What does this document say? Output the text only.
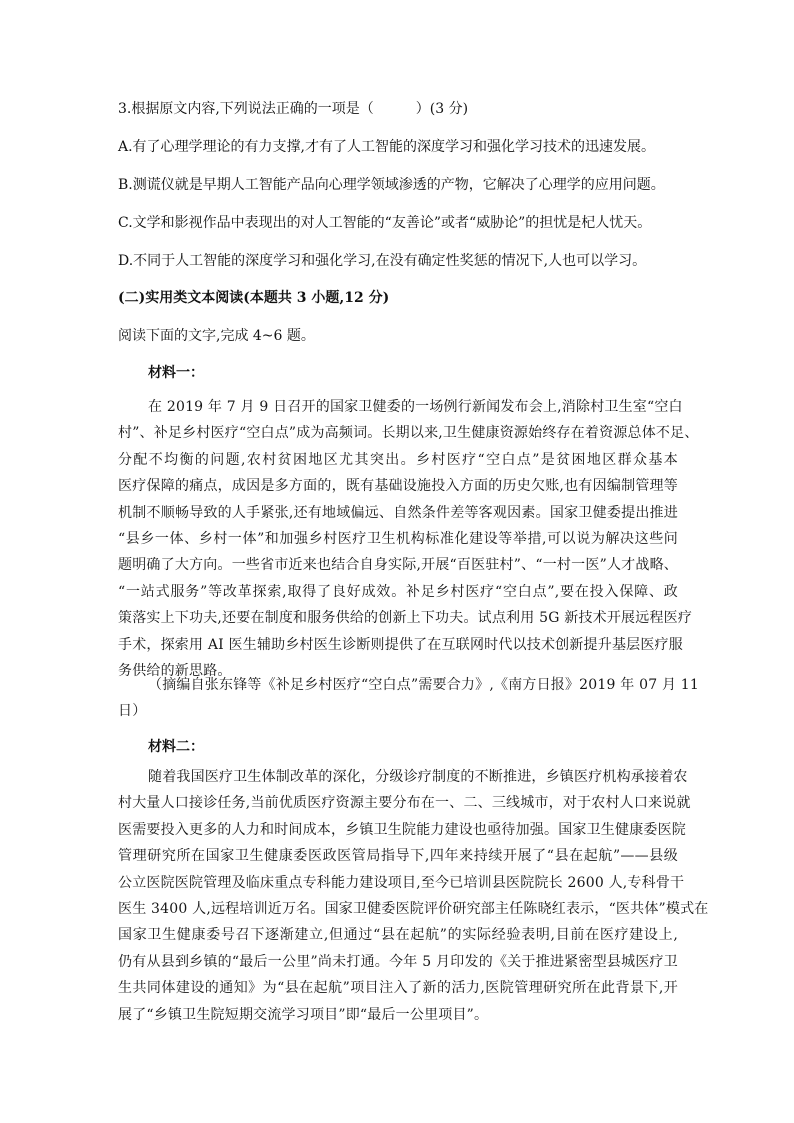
3.根据原文内容,下列说法正确的一项是（　　　）(3 分)
A.有了心理学理论的有力支撑,才有了人工智能的深度学习和强化学习技术的迅速发展。
B.测谎仪就是早期人工智能产品向心理学领域渗透的产物，它解决了心理学的应用问题。
C.文学和影视作品中表现出的对人工智能的“友善论”或者“威胁论”的担忧是杞人忧天。
D.不同于人工智能的深度学习和强化学习,在没有确定性奖惩的情况下,人也可以学习。
(二)实用类文本阅读(本题共 3 小题,12 分)
阅读下面的文字,完成 4~6 题。
材料一：
在 2019 年 7 月 9 日召开的国家卫健委的一场例行新闻发布会上,消除村卫生室“空白
村”、补足乡村医疗“空白点”成为高频词。长期以来,卫生健康资源始终存在着资源总体不足、
分配不均衡的问题,农村贫困地区尤其突出。乡村医疗“空白点”是贫困地区群众基本
医疗保障的痛点，成因是多方面的，既有基础设施投入方面的历史欠账,也有因编制管理等
机制不顺畅导致的人手紧张,还有地域偏远、自然条件差等客观因素。国家卫健委提出推进
“县乡一体、乡村一体”和加强乡村医疗卫生机构标准化建设等举措,可以说为解决这些问
题明确了大方向。一些省市近来也结合自身实际,开展“百医驻村”、“一村一医”人才战略、
“一站式服务”等改革探索,取得了良好成效。补足乡村医疗“空白点”,要在投入保障、政
策落实上下功夫,还要在制度和服务供给的创新上下功夫。试点利用 5G 新技术开展远程医疗
手术，探索用 AI 医生辅助乡村医生诊断则提供了在互联网时代以技术创新提升基层医疗服
务供给的新思路。
（摘编自张东锋等《补足乡村医疗“空白点”需要合力》,《南方日报》2019 年 07 月 11
日）
材料二：
随着我国医疗卫生体制改革的深化，分级诊疗制度的不断推进，乡镇医疗机构承接着农
村大量人口接诊任务,当前优质医疗资源主要分布在一、二、三线城市，对于农村人口来说就
医需要投入更多的人力和时间成本，乡镇卫生院能力建设也亟待加强。国家卫生健康委医院
管理研究所在国家卫生健康委医政医管局指导下,四年来持续开展了“县在起航”——县级
公立医院医院管理及临床重点专科能力建设项目,至今已培训县医院院长 2600 人,专科骨干
医生 3400 人,远程培训近万名。国家卫健委医院评价研究部主任陈晓红表示，“医共体”模式在
国家卫生健康委号召下逐渐建立,但通过“县在起航”的实际经验表明,目前在医疗建设上,
仍有从县到乡镇的“最后一公里”尚未打通。今年 5 月印发的《关于推进紧密型县城医疗卫
生共同体建设的通知》为“县在起航”项目注入了新的活力,医院管理研究所在此背景下,开
展了“乡镇卫生院短期交流学习项目”即“最后一公里项目”。
